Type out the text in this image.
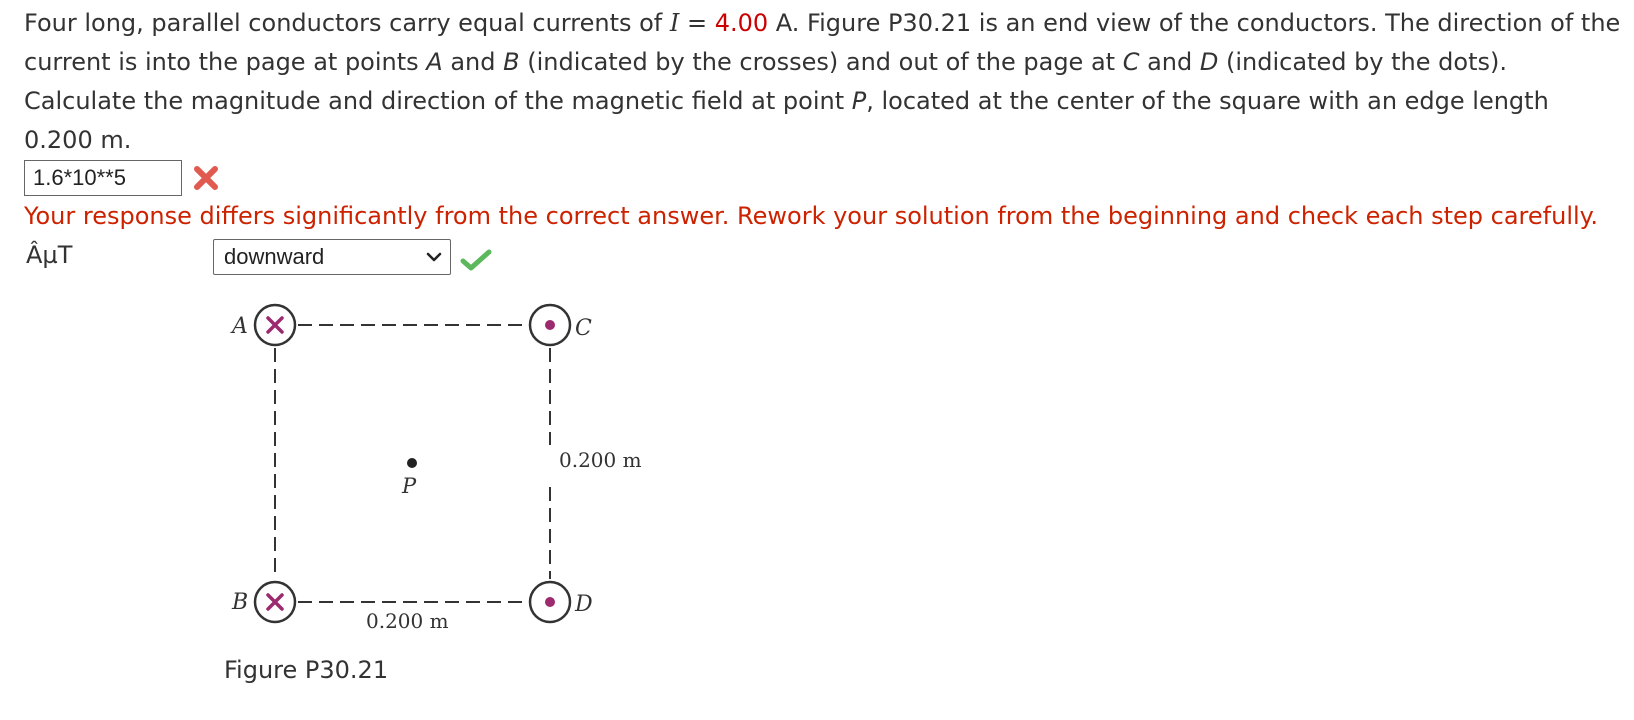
Four long, parallel conductors carry equal currents of I = 4.00 A. Figure P30.21 is an end view of the conductors. The direction of the current is into the page at points A and B (indicated by the crosses) and out of the page at C and D (indicated by the dots). Calculate the magnitude and direction of the magnetic field at point P, located at the center of the square with an edge length 0.200 m.
1.6*10**5
Your response differs significantly from the correct answer. Rework your solution from the beginning and check each step carefully. ÂµT	downward
A
B
C
D
P
0.200 m
0.200 m
Figure P30.21
